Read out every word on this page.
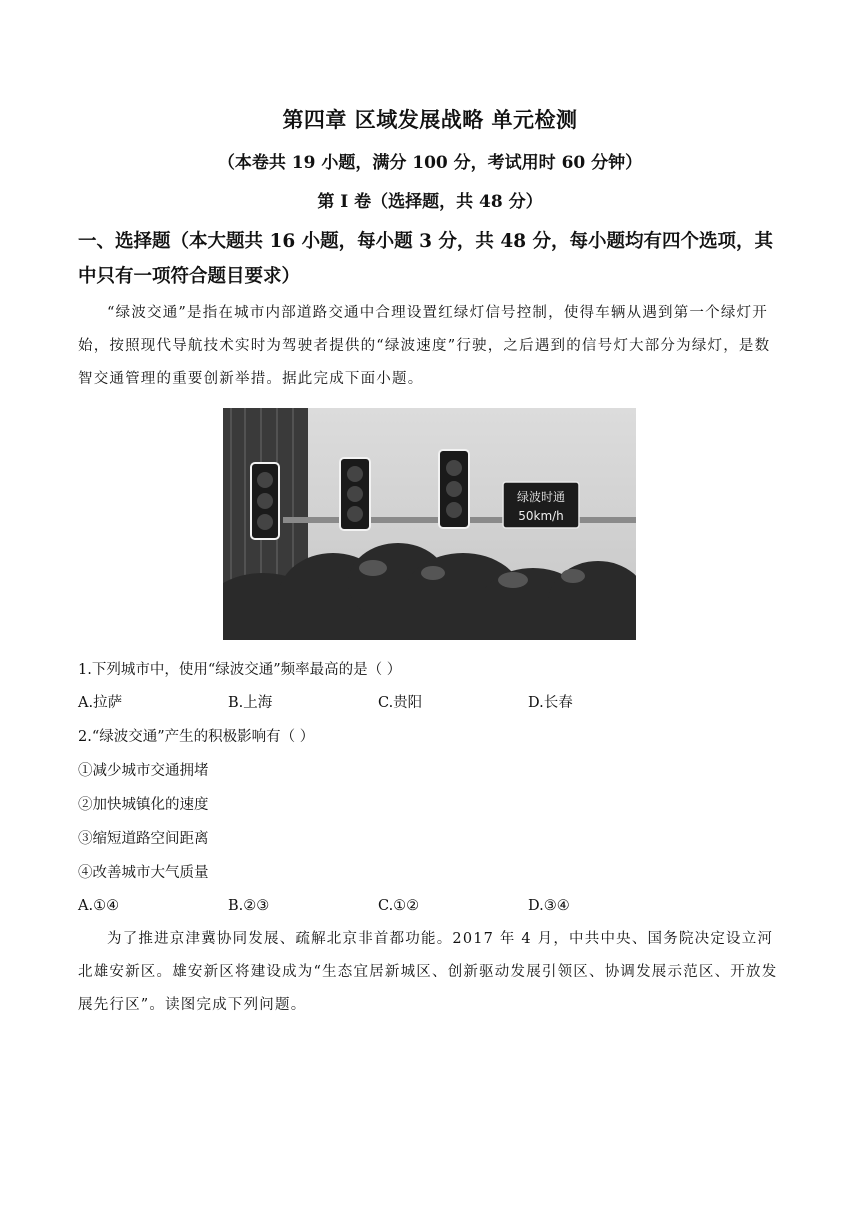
第四章 区域发展战略 单元检测
（本卷共 19 小题，满分 100 分，考试用时 60 分钟）
第 I 卷（选择题，共 48 分）
一、选择题（本大题共 16 小题，每小题 3 分，共 48 分，每小题均有四个选项，其中只有一项符合题目要求）
“绿波交通”是指在城市内部道路交通中合理设置红绿灯信号控制，使得车辆从遇到第一个绿灯开始，按照现代导航技术实时为驾驶者提供的“绿波速度”行驶，之后遇到的信号灯大部分为绿灯，是数智交通管理的重要创新举措。据此完成下面小题。
绿波时通
50km/h
1.下列城市中，使用“绿波交通”频率最高的是（ ）
A.拉萨	B.上海	C.贵阳	D.长春
2.“绿波交通”产生的积极影响有（ ）
①减少城市交通拥堵
②加快城镇化的速度
③缩短道路空间距离
④改善城市大气质量
A.①④	B.②③	C.①②	D.③④
为了推进京津冀协同发展、疏解北京非首都功能。2017 年 4 月，中共中央、国务院决定设立河北雄安新区。雄安新区将建设成为“生态宜居新城区、创新驱动发展引领区、协调发展示范区、开放发展先行区”。读图完成下列问题。
